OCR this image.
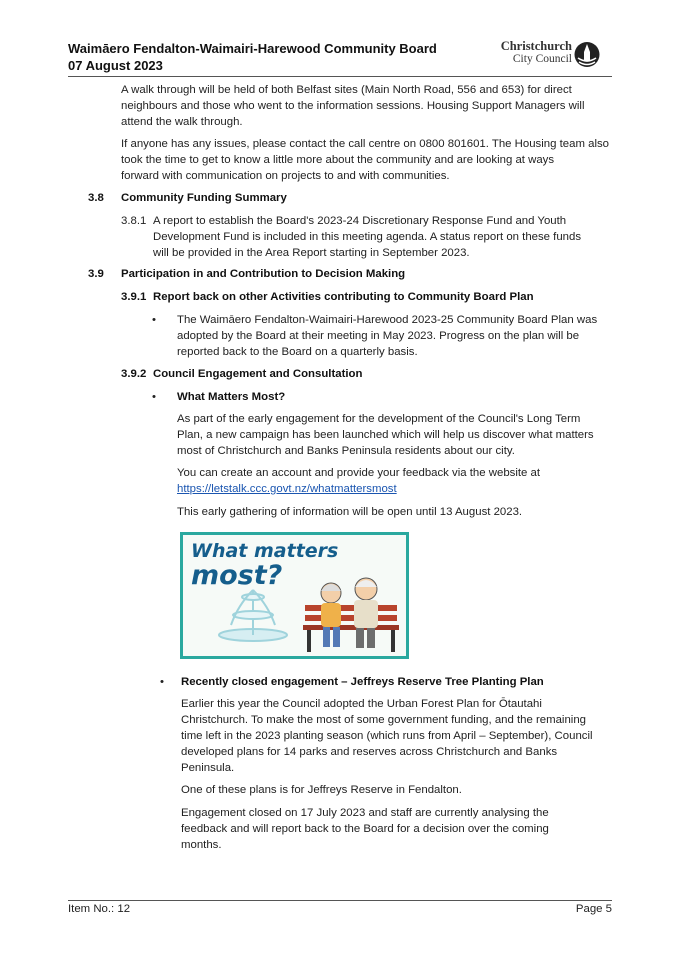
Waimāero Fendalton-Waimairi-Harewood Community Board
07 August 2023
Christchurch
City Council
A walk through will be held of both Belfast sites (Main North Road, 556 and 653) for direct
neighbours and those who went to the information sessions. Housing Support Managers will
attend the walk through.
If anyone has any issues, please contact the call centre on 0800 801601. The Housing team also
took the time to get to know a little more about the community and are looking at ways
forward with communication on projects to and with communities.
3.8 Community Funding Summary
3.8.1 A report to establish the Board's 2023-24 Discretionary Response Fund and Youth
Development Fund is included in this meeting agenda. A status report on these funds
will be provided in the Area Report starting in September 2023.
3.9 Participation in and Contribution to Decision Making
3.9.1 Report back on other Activities contributing to Community Board Plan
• The Waimāero Fendalton-Waimairi-Harewood 2023-25 Community Board Plan was
adopted by the Board at their meeting in May 2023. Progress on the plan will be
reported back to the Board on a quarterly basis.
3.9.2 Council Engagement and Consultation
• What Matters Most?
As part of the early engagement for the development of the Council's Long Term
Plan, a new campaign has been launched which will help us discover what matters
most of Christchurch and Banks Peninsula residents about our city.
You can create an account and provide your feedback via the website at
https://letstalk.ccc.govt.nz/whatmattersmost
This early gathering of information will be open until 13 August 2023.
What matters
most?
• Recently closed engagement – Jeffreys Reserve Tree Planting Plan
Earlier this year the Council adopted the Urban Forest Plan for Ōtautahi
Christchurch. To make the most of some government funding, and the remaining
time left in the 2023 planting season (which runs from April – September), Council
developed plans for 14 parks and reserves across Christchurch and Banks
Peninsula.
One of these plans is for Jeffreys Reserve in Fendalton.
Engagement closed on 17 July 2023 and staff are currently analysing the
feedback and will report back to the Board for a decision over the coming
months.
Item No.: 12	Page 5
